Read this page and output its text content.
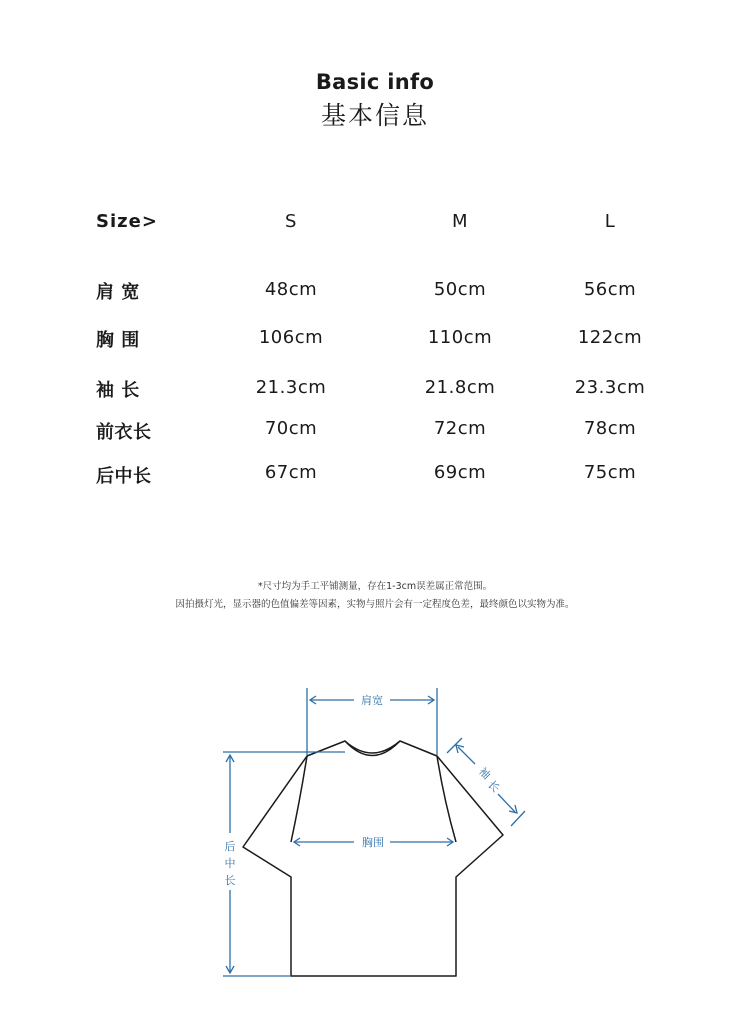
Basic info
基本信息
Size>	S	M	L
肩 宽	48cm	50cm	56cm
胸 围	106cm	110cm	122cm
袖 长	21.3cm	21.8cm	23.3cm
前衣长	70cm	72cm	78cm
后中长	67cm	69cm	75cm
*尺寸均为手工平铺测量，存在1-3cm误差属正常范围。
因拍摄灯光，显示器的色值偏差等因素，实物与照片会有一定程度色差，最终颜色以实物为准。
肩宽
胸围
袖
长
后
中
长
